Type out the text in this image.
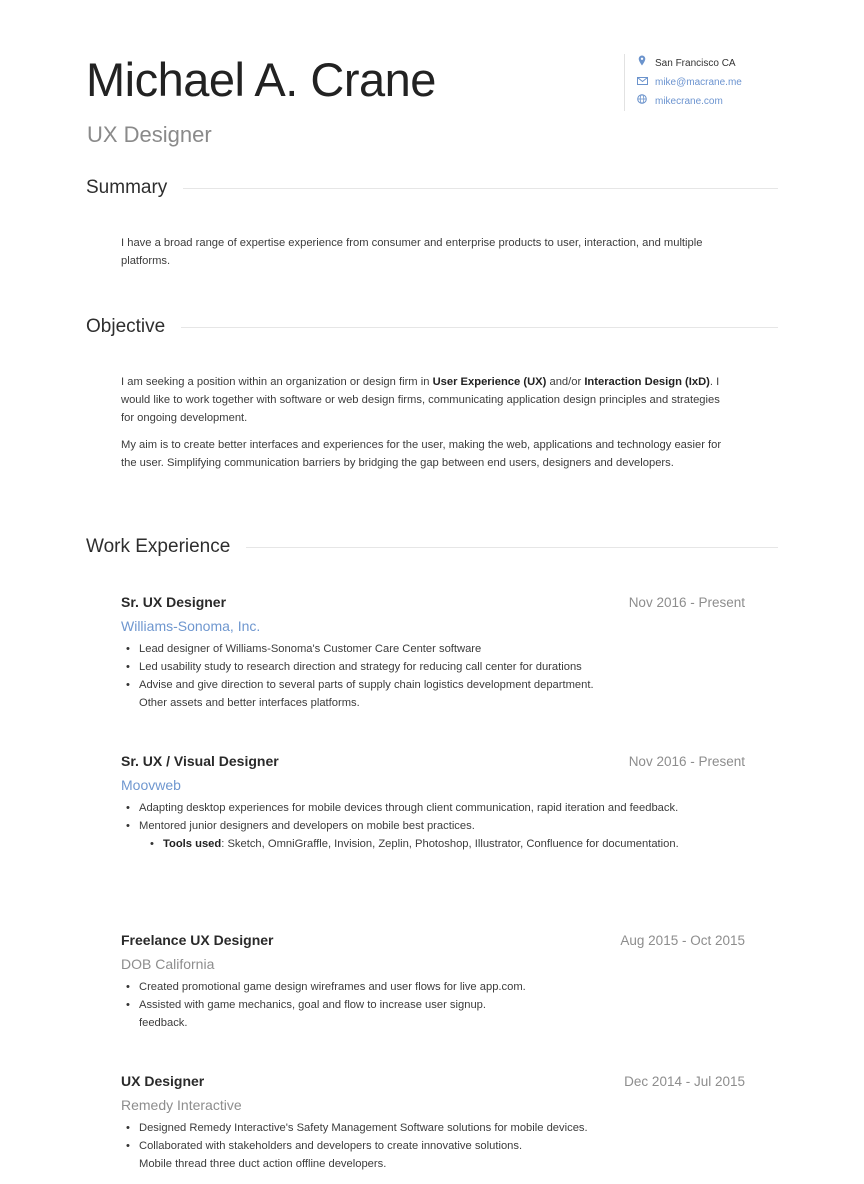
Michael A. Crane
UX Designer
San Francisco CA
mike@macrane.me
mikecrane.com
Summary

I have a broad range of expertise experience from consumer and enterprise products to user, interaction, and multiple platforms.

Objective

I am seeking a position within an organization or design firm in User Experience (UX) and/or Interaction Design (IxD). I would like to work together with software or web design firms, communicating application design principles and strategies for ongoing development.

My aim is to create better interfaces and experiences for the user, making the web, applications and technology easier for the user. Simplifying communication barriers by bridging the gap between end users, designers and developers.

Work Experience
Sr. UX Designer	Nov 2016 - Present
Williams-Sonoma, Inc.
• Lead designer of Williams-Sonoma's Customer Care Center software
• Led usability study to research direction and strategy for reducing call center for durations
• Advise and give direction to several parts of supply chain logistics development department.
Other assets and better interfaces platforms.
Sr. UX / Visual Designer	Nov 2016 - Present
Moovweb
• Adapting desktop experiences for mobile devices through client communication, rapid iteration and feedback.
• Mentored junior designers and developers on mobile best practices.
• Tools used: Sketch, OmniGraffle, Invision, Zeplin, Photoshop, Illustrator, Confluence for documentation.
Freelance UX Designer	Aug 2015 - Oct 2015
DOB California
• Created promotional game design wireframes and user flows for live app.com.
• Assisted with game mechanics, goal and flow to increase user signup.
feedback.
UX Designer	Dec 2014 - Jul 2015
Remedy Interactive
• Designed Remedy Interactive's Safety Management Software solutions for mobile devices.
• Collaborated with stakeholders and developers to create innovative solutions.
Mobile thread three duct action offline developers.
